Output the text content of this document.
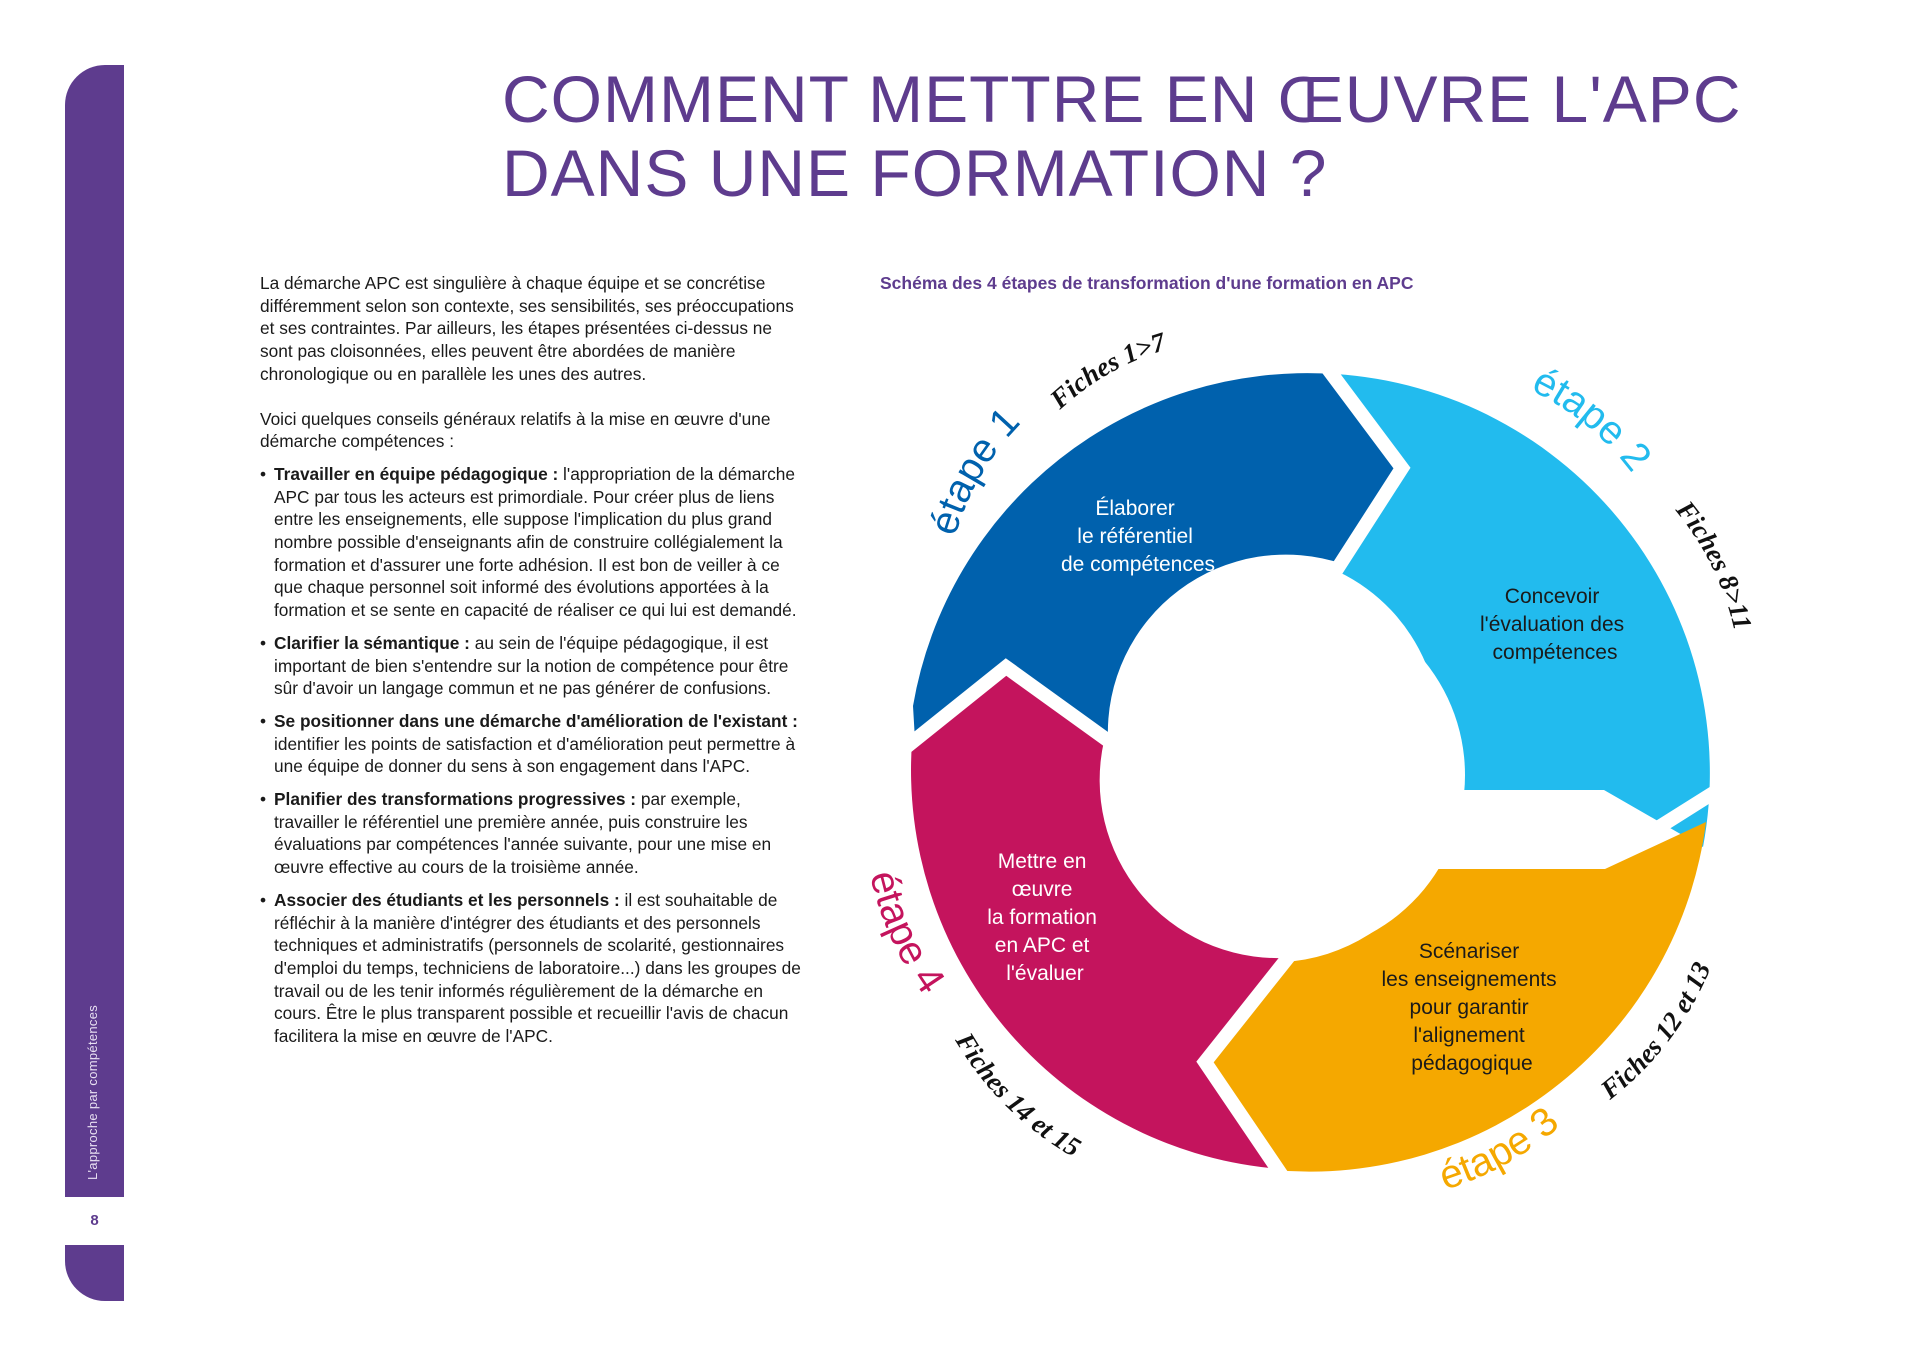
L'approche par compétences
8
COMMENT METTRE EN ŒUVRE L'APC
DANS UNE FORMATION ?

La démarche APC est singulière à chaque équipe et se concrétise différemment selon son contexte, ses sensibilités, ses préoccupations et ses contraintes. Par ailleurs, les étapes présentées ci-dessus ne sont pas cloisonnées, elles peuvent être abordées de manière chronologique ou en parallèle les unes des autres.

Voici quelques conseils généraux relatifs à la mise en œuvre d'une démarche compétences :

• Travailler en équipe pédagogique : l'appropriation de la démarche APC par tous les acteurs est primordiale. Pour créer plus de liens entre les enseignements, elle suppose l'implication du plus grand nombre possible d'enseignants afin de construire collégialement la formation et d'assurer une forte adhésion. Il est bon de veiller à ce que chaque personnel soit informé des évolutions apportées à la formation et se sente en capacité de réaliser ce qui lui est demandé.

• Clarifier la sémantique : au sein de l'équipe pédagogique, il est important de bien s'entendre sur la notion de compétence pour être sûr d'avoir un langage commun et ne pas générer de confusions.

• Se positionner dans une démarche d'amélioration de l'existant : identifier les points de satisfaction et d'amélioration peut permettre à une équipe de donner du sens à son engagement dans l'APC.

• Planifier des transformations progressives : par exemple, travailler le référentiel une première année, puis construire les évaluations par compétences l'année suivante, pour une mise en œuvre effective au cours de la troisième année.

• Associer des étudiants et les personnels : il est souhaitable de réfléchir à la manière d'intégrer des étudiants et des personnels techniques et administratifs (personnels de scolarité, gestionnaires d'emploi du temps, techniciens de laboratoire...) dans les groupes de travail ou de les tenir informés régulièrement de la démarche en cours. Être le plus transparent possible et recueillir l'avis de chacun facilitera la mise en œuvre de l'APC.

Schéma des 4 étapes de transformation d'une formation en APC
Élaborer le référentiel de compétences
Concevoir l'évaluation des compétences
Scénariser les enseignements pour garantir l'alignement pédagogique
Mettre en œuvre la formation en APC et l'évaluer
étape 1
étape 2
étape 3
étape 4
Fiches 1>7
Fiches 8>11
Fiches 12 et 13
Fiches 14 et 15
